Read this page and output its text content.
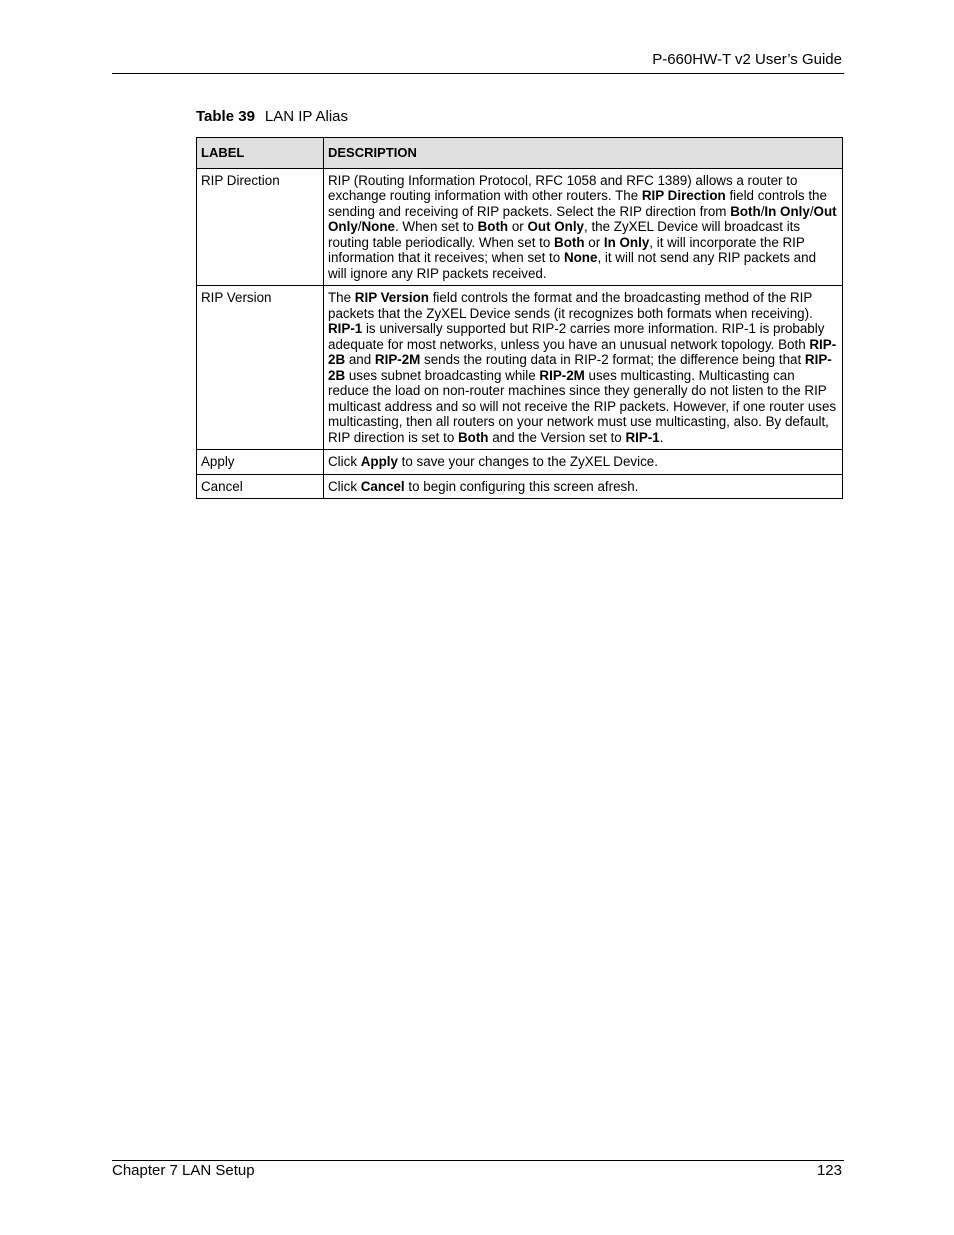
P-660HW-T v2 User’s Guide
Table 39 LAN IP Alias
LABEL	DESCRIPTION
RIP Direction	RIP (Routing Information Protocol, RFC 1058 and RFC 1389) allows a router to exchange routing information with other routers. The RIP Direction field controls the sending and receiving of RIP packets. Select the RIP direction from Both/In Only/Out Only/None. When set to Both or Out Only, the ZyXEL Device will broadcast its routing table periodically. When set to Both or In Only, it will incorporate the RIP information that it receives; when set to None, it will not send any RIP packets and will ignore any RIP packets received.
RIP Version	The RIP Version field controls the format and the broadcasting method of the RIP packets that the ZyXEL Device sends (it recognizes both formats when receiving). RIP-1 is universally supported but RIP-2 carries more information. RIP-1 is probably adequate for most networks, unless you have an unusual network topology. Both RIP-2B and RIP-2M sends the routing data in RIP-2 format; the difference being that RIP-2B uses subnet broadcasting while RIP-2M uses multicasting. Multicasting can reduce the load on non-router machines since they generally do not listen to the RIP multicast address and so will not receive the RIP packets. However, if one router uses multicasting, then all routers on your network must use multicasting, also. By default, RIP direction is set to Both and the Version set to RIP-1.
Apply	Click Apply to save your changes to the ZyXEL Device.
Cancel	Click Cancel to begin configuring this screen afresh.
Chapter 7 LAN Setup	123
